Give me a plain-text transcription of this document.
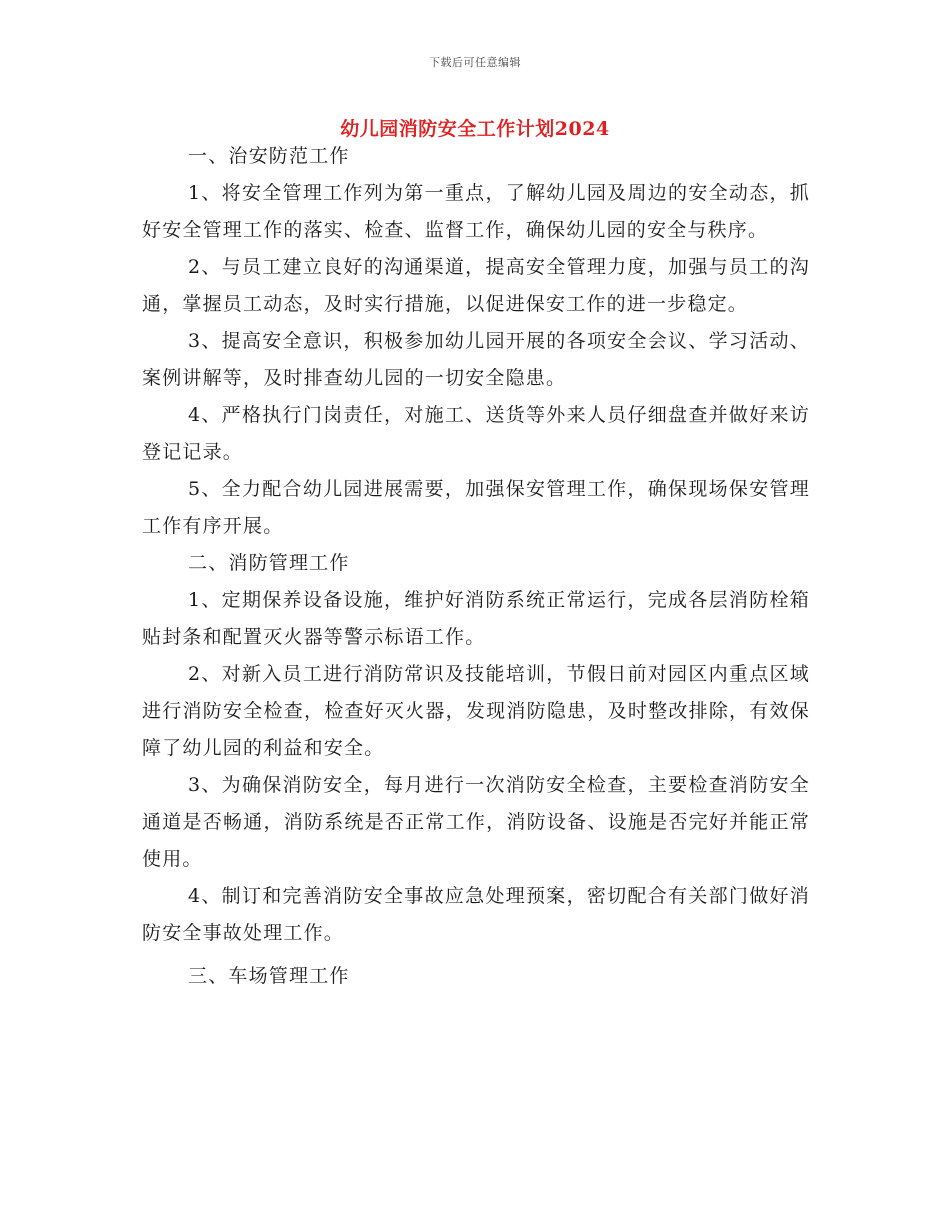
下载后可任意编辑
幼儿园消防安全工作计划2024

一、治安防范工作

1、将安全管理工作列为第一重点，了解幼儿园及周边的安全动态，抓好安全管理工作的落实、检查、监督工作，确保幼儿园的安全与秩序。

2、与员工建立良好的沟通渠道，提高安全管理力度，加强与员工的沟通，掌握员工动态，及时实行措施，以促进保安工作的进一步稳定。

3、提高安全意识，积极参加幼儿园开展的各项安全会议、学习活动、案例讲解等，及时排查幼儿园的一切安全隐患。

4、严格执行门岗责任，对施工、送货等外来人员仔细盘查并做好来访登记记录。

5、全力配合幼儿园进展需要，加强保安管理工作，确保现场保安管理工作有序开展。

二、消防管理工作

1、定期保养设备设施，维护好消防系统正常运行，完成各层消防栓箱贴封条和配置灭火器等警示标语工作。

2、对新入员工进行消防常识及技能培训，节假日前对园区内重点区域进行消防安全检查，检查好灭火器，发现消防隐患，及时整改排除，有效保障了幼儿园的利益和安全。

3、为确保消防安全，每月进行一次消防安全检查，主要检查消防安全通道是否畅通，消防系统是否正常工作，消防设备、设施是否完好并能正常使用。

4、制订和完善消防安全事故应急处理预案，密切配合有关部门做好消防安全事故处理工作。

三、车场管理工作
